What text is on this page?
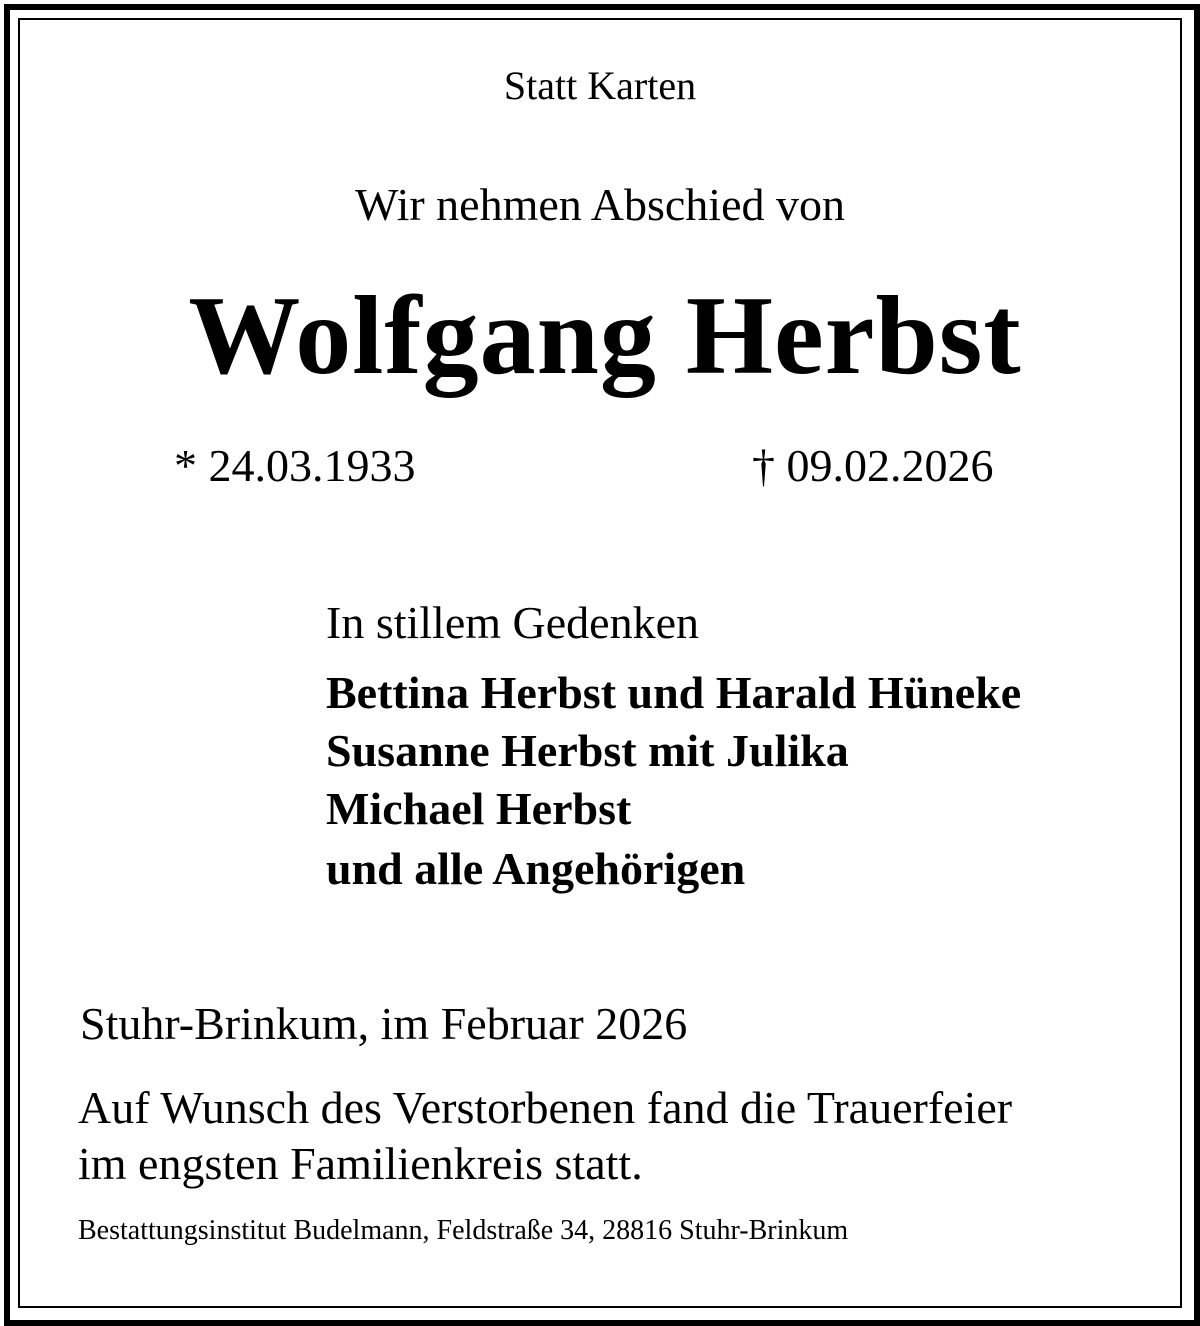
Statt Karten
Wir nehmen Abschied von
Wolfgang Herbst
* 24.03.1933	† 09.02.2026
In stillem Gedenken
Bettina Herbst und Harald Hüneke
Susanne Herbst mit Julika
Michael Herbst
und alle Angehörigen
Stuhr-Brinkum, im Februar 2026
Auf Wunsch des Verstorbenen fand die Trauerfeier
im engsten Familienkreis statt.
Bestattungsinstitut Budelmann, Feldstraße 34, 28816 Stuhr-Brinkum
